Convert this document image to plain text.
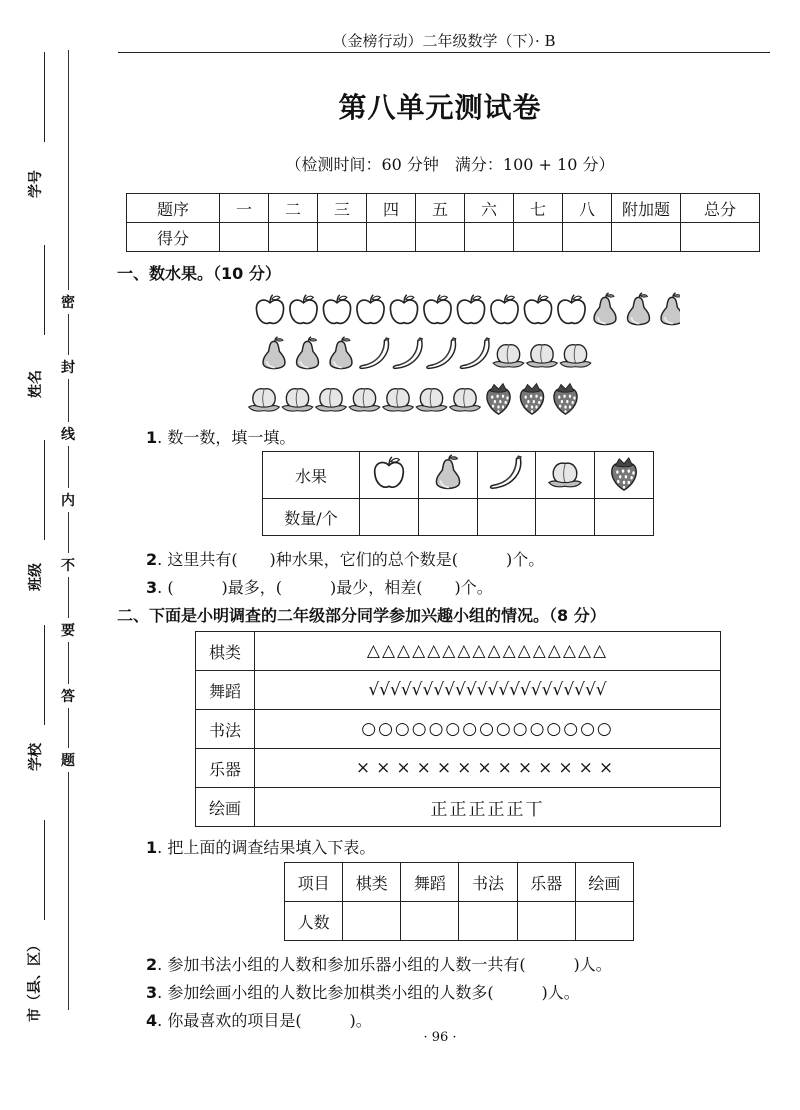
（金榜行动）二年级数学（下）· B
学号
姓名
班级
学校
市（县、区）
密
封
线
内
不
要
答
题
第八单元测试卷
（检测时间：60 分钟　满分：100 + 10 分）
题序	一	二	三	四	五	六	七	八	附加题	总分
得分										
一、数水果。（10 分）
1. 数一数，填一填。
水果					
数量/个					
2. 这里共有(　　)种水果，它们的总个数是(　　　)个。
3. (　　　)最多，(　　　)最少，相差(　　)个。
二、下面是小明调查的二年级部分同学参加兴趣小组的情况。（8 分）
棋类	△△△△△△△△△△△△△△△△
舞蹈	√√√√√√√√√√√√√√√√√√√√√√
书法	○○○○○○○○○○○○○○○
乐器	×××××××××××××
绘画	正正正正正丅
1. 把上面的调查结果填入下表。
项目	棋类	舞蹈	书法	乐器	绘画
人数					
2. 参加书法小组的人数和参加乐器小组的人数一共有(　　　)人。
3. 参加绘画小组的人数比参加棋类小组的人数多(　　　)人。
4. 你最喜欢的项目是(　　　)。
· 96 ·
